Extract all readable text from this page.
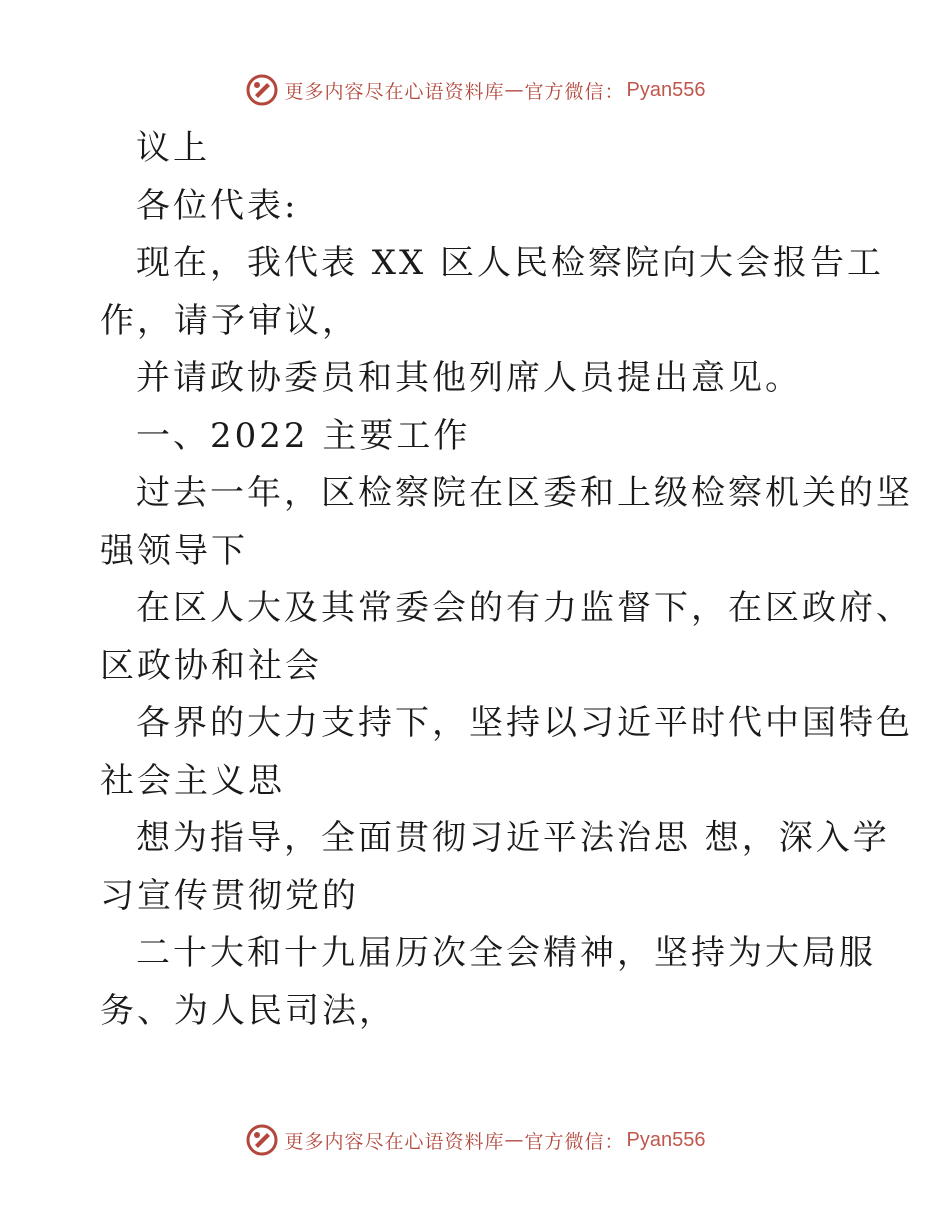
更多内容尽在心语资料库 — 官方微信： Pyan556
议上
各位代表:
现在，我代表 XX 区人民检察院向大会报告工
作，请予审议，
并请政协委员和其他列席人员提出意见。
一、2022 主要工作
过去一年，区检察院在区委和上级检察机关的坚
强领导下
在区人大及其常委会的有力监督下，在区政府、
区政协和社会
各界的大力支持下，坚持以习近平时代中国特色
社会主义思
想为指导，全面贯彻习近平法治思 想，深入学
习宣传贯彻党的
二十大和十九届历次全会精神，坚持为大局服
务、为人民司法，
更多内容尽在心语资料库 — 官方微信： Pyan556
